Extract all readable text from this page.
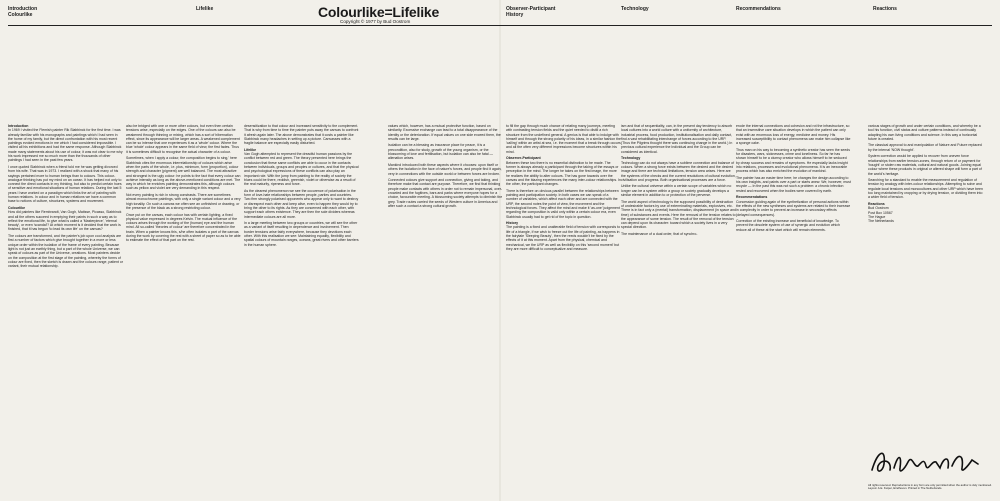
Introduction
Colourlike
Lifelike	Colourlike=Lifelike
Copyright © 1977 by Bud Oostrom
Observer-Participant
History
Technology	Recommendations	Reactions

Introduction
In 1969 I visited the Flemish painter Rik Slabbinck for the first time. I was already familiar with his monographs and paintings which I had seen in the home of my family, but the direct confrontation with his most recent paintings evoked emotions in me which I had considered impossible. I visited all his exhibitions and had the same response. Although Slabbinck made many statements about his use of colour, it was not clear to me why his work impressed me so much more than the thousands of other paintings I had seen in the past few years.

I once quoted Slabbinck when a friend told me he was getting divorced from his wife. That was in 1973. I realized with a shock that many of his sayings pertained more to human beings than to colours. This colour-analogue thinking has put my mind on an ocean. It has helped not only to connect the direct contacts in my thinking, but also to predict certain hues of sensitive and emotional situations of human relations. During the last 5 years I have worked on a paradigm which links the art of painting with human relations. In colour and in human relations we have a common base to notions of culture, structures, systems and movement.

Colourlike
How did painters like Rembrandt, Van Gogh, Matisse, Picasso, Slabbinck and all the others succeed in emptying their paints in such a way as to reflect the emotional life, to give what is called a 'Masterpiece', 'eternal beauty', or even 'scandal'? At which moment is it decided that the work is finished, that it has begun 'to lead its own life' on the canvas?

The colours are transformed, and the painter's job upon cool analysis are first a number of factors which give brought together in a more or less unique order within the isolation of the frame of every painting. Because light is not just an earthly thing, but a part of the whole Universe, we can speak of colours as part of the Universe, creations. Most painters decide on the composition at the first stage of the painting, whereby the forms of colour are fixed, then the sketch is drawn and the colours range, patient or variant, their mutual relationship.

also be bridged with one or more other colours, but even then certain tensions arise, especially on the edges. One of the colours can also be weakened through thinning or mixing, which has a sort of hibernation effect, since its appearance will be larger areas. A weakened complement can be so intense that one experiences it as a 'whole' colour. Where the blue 'whole' colour appears in the same field of view, the first fades. Thus it is sometimes difficult to recognise the actual character of a colour.

Sometimes, when I apply a colour, the composition begins to sing,' here Slabbinck cites the enormous interrelationship of colours which arise when the parts of the whole, i.e. plus, minimum, form (proportion), colour strength and character (pigment) are well balanced. The most attractive and strongest is the ugly colour: he points to the fact that every colour can achieve intensity as long as the above-mentioned conditions are met. The way in which he enriches painting demonstrates this, although colours such as yellow and violet are very demanding in this respect.

Not every painting is rich in strong constrasts. There are sometimes almost monochrome paintings, with only a single variant colour and a very high tonality. On such a canvas we often see an unfinished or drawing, or the presence of the black as a strong restricting colour.

Once put on the canvas, each colour has with certain lighting, a fixed physical value expressed in degrees Kelvin. The mutual influence of the colours arises through the working of the (human) eye and the human mind. All so-called 'theories of colour' are therefore concentrated in the brain. When a painter knows this, s/he often isolates a part of the canvas during the work by covering the rest with a sheet of paper so as to be able to estimate the effect of that part on the rest.

desensitization to that colour and increased sensitivity to the complement. That is why from time to time the painter puts away the canvas to confront it afresh again later. The above demonstrates that it costs a painter like Slabbinck many headaches in setting up a picture. Canvasses with a fragile balance are especially easily disturbed.

Lifelike
Van Gogh attempted to represent the dreadful human passions by the conflict between red and green. The theory presented here brings the conclusion that these same conflicts are able to occur in the contacts between individuals, groups and peoples or cultures, and that the physical and psychological expressions of these conflicts can also play an important role. With the jump from painting to the reality of society the blues could be there, reddish, greenish, violet or otherwise as a result of the real maturity, ripeness and force.

As the clearest phenomenon we see the occurence of polarisation in the form of love-hate relationships between people, parties and countries. Two firm strongly polarised opponents who appear only to want to destroy or disrespect each other and keep alive, even to happen they would try to bring the other to its rights. As they are concerned with each other, with support each others existence. They are then the sole dividers whereas intermediate colours are all more.

In a large meeting between two groups or countries, we will see the other as a variant of itself resulting in dependence and involvement. Then border tensions arise fairly everywhere, because they devotions each other. With this realisation we see: Maintaining equality, flexibility and spatial colours of mountain ranges, oceans, great rivers and other barriers in the human sphere.

values which, however, has a mutual protective function, based on similarity. Excessive exchange can lead to a total disappearance of the identity or the deterioration. If equal values on one side exceed them, the results can be large.

Isolation can be a blessing as insurance place for peace, it is a precondition, also for study, growth of the young organism, or the blossoming of love and fertilisation, but isolation can also be fatal — alienation arises.

Mankind introduced both these aspects where it chooses: upon itself or others the Isolation in the face of nature's forces, and people find it again, very in connections with the outside world or between forces are broken.

Connected colours give support and connection, giving and taking, and therefore make that contact are purpose. Therefore, we find that thinking people make contacts with others in order not to remain impersonal, over-crowded and the fugitives, bars and parks where everyone hopes for a choice, favourable meeting. A blossoming society attempts to diminish the grey. Trade routes carried the seeds of Western culture in America and after such a contact a strong cultural growth.

to fill the gap through much chance of relating many journeys, meeting with contrasting tension fields and the quiet needed to distill a rich structure from the undefined general. A genius is that able to indulge with himself and through the strong polarity of his ideas, in a similar fashion the 'calling' within an artist at sea, i.e. the moment that a break through occurs and all the often very different impressions become structures within his mind.

Observer-Participant
Between these two there is no essential distinction to be made. The former is always already a participant through the taking of the essays or perception in the mind. The longer he takes on the first image, the more he realizes the ability to alter colours. The has gone towards over the canvas and the blazing experiences the many inter-colour relationships. In the other, the participant changes.

There is therefore on obvious parallel between the relationships between painting and participation society. In both cases we can speak of a number of variables, which affect each other and are connected with the URP, the second notes the point of view, the movement and the technological forces. They affect the mind and make it 'as-one' judgement regarding the composition is valid only within a certain colour era, even Slabbinck usually had to get rid of the topic in question.

History
The painting is a fixed and unalterable field of tension with corresponds to life of a triangle, if we wish to freeze out the life of painting, as happens in the fairytale 'Sleeping Beauty', then the reeds wouldn't be fixed by the effects of it at this moment. Apart from the physical, chemical and mechanical, we the URP as well as flexibility on this 'second moment' but they are more difficult to conceptualize and measure.

ism and that of sequentiality, can, in the present day tendency to absorb local cultures into a world culture with a uniformity of architecture, industrial process, food production, institutionalisation and daily contact, find a vast rehabilitating interchange of forces according to the URP. (Thus the Pilgrims thought there was continuing change in the world.) In previous cultural experience the Individual and the Group can be considered as identical.

Technology
Technology can do not always have a sublime connection and balance of colours. When a strong force exists between the desired and the desired image and there are technical limitations, tension area arises. Here are the systems of the checks and the current resolutions of cultural evolution, civilisation and progress. Both organisational processes are a force.

Unlike the cultural universe within a certain scope of variables which no longer can be a system within a group or society gradually develops a similar element in addition to or protection of the perverse.

The world aspect of technology is the supposed possibility of destruction of undesirable factors by use of exterminating materials, explosives, etc. There is in fact only a (mental) transformation, displacement (in space and time) of substances and events. Here the removal of the tension relates to the appearance of some tension. The result of the removal of the tension can depend upon its character: toward which a society lives in a very special direction.

The maintenance of a dual order, that of synchro-

erode the internal connections and cohesion and rot the infrastructure, so that an insensitive care situation develops in which the patient can only exist with an enormous loss of energy, medicine and money. His increased susceptibility to contact phenomena can make him collapse like a sponge cake.

Thus man on his way to becoming a synthetic creator has seen the seeds for disasters, wars, sicknesses, crime and loneliness. So far he has shown himself to be a clumsy creator who allows himself to be seduced by cheap success and remains of symptoms. He especially lacks insight into relations, processes and evolutional phenomena. It is an inexorable process which has also enriched the evolution of mankind.

The painter has an easier time here; he changes the design according to his own insights, and paints over a part or starts anew. We, however, must recycle — In the past this was not such a problem: a chronic infection rested and recovered when the bodies were covered by earth.

Recommendations
Concession guiding again of the synthetization of personal actions within the effects of the new syntheses and systems are related to their increase in complexity in order to prevent an increase in secondary effects (delayed consequences).

Correction of the existing increase and beneficial of knowledge. To prevent the obsolete system of use of synergic and evolution which reduce all of these at the start which will remain elements.

various stages of growth and under certain conditions, and whereby be a tool his function, civil status and culture patterns instead of continually adapting his own living conditions and science. In this way a horizontal future is created.

The classical approval to and manipulation of Nature and Future replaced by the internal 'NOW thought'.

System correction would be applied to recover from uneven force relationships from earlier tension-zones, through return of or payment for 'bought' or stolen raw materials, cultural and natural goods. Joining equal colour where these products in original or altered shape will form a part of the world's heritage.

Searching for a standard to enable the measurement and regulation of tension by analogy with inter-colour relationships. Attempting to solve and regulate local tensions and monocultures and other URP which have been too long maintained by cropping or by drying tension, or dividing them into a wider field of tension.

Reactions
Bud Oostrom
Post Box 10567
The Hague
The Netherlands

All rights reserved. Reproductions in any form are only permitted when the author is duly mentioned. Layout: A.E. Kuiper, Eindhoven. Printed in The Netherlands.
